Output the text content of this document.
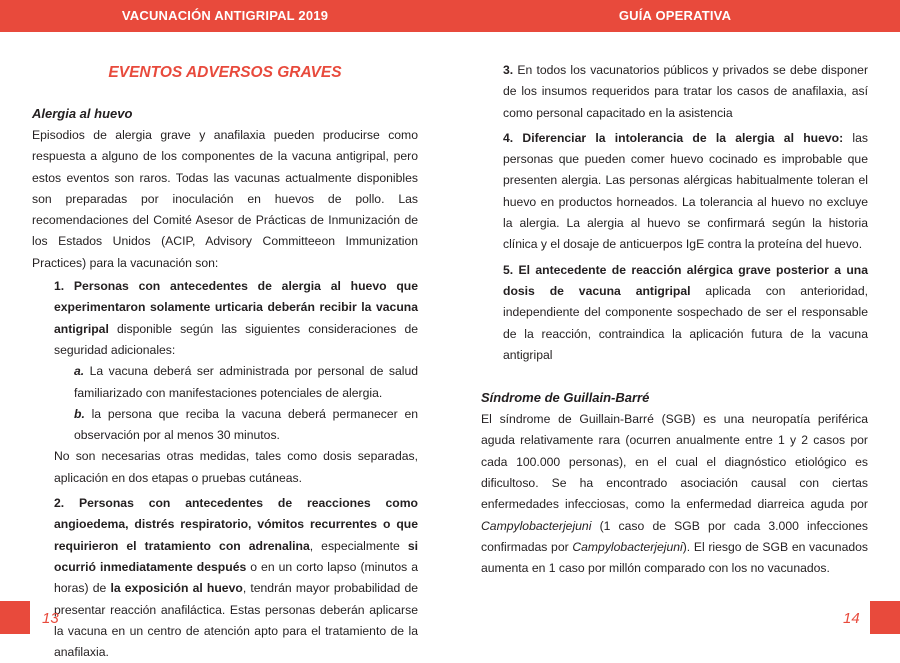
VACUNACIÓN ANTIGRIPAL 2019	GUÍA OPERATIVA
EVENTOS ADVERSOS GRAVES

Alergia al huevo

Episodios de alergia grave y anafilaxia pueden producirse como respuesta a alguno de los componentes de la vacuna antigripal, pero estos eventos son raros. Todas las vacunas actualmente disponibles son preparadas por inoculación en huevos de pollo. Las recomendaciones del Comité Asesor de Prácticas de Inmunización de los Estados Unidos (ACIP, Advisory Committeeon Immunization Practices) para la vacunación son:

1. Personas con antecedentes de alergia al huevo que experimentaron solamente urticaria deberán recibir la vacuna antigripal disponible según las siguientes consideraciones de seguridad adicionales:

a. La vacuna deberá ser administrada por personal de salud familiarizado con manifestaciones potenciales de alergia.

b. la persona que reciba la vacuna deberá permanecer en observación por al menos 30 minutos.

No son necesarias otras medidas, tales como dosis separadas, aplicación en dos etapas o pruebas cutáneas.

2. Personas con antecedentes de reacciones como angioedema, distrés respiratorio, vómitos recurrentes o que requirieron el tratamiento con adrenalina, especialmente si ocurrió inmediatamente después o en un corto lapso (minutos a horas) de la exposición al huevo, tendrán mayor probabilidad de presentar reacción anafiláctica. Estas personas deberán aplicarse la vacuna en un centro de atención apto para el tratamiento de la anafilaxia.

3. En todos los vacunatorios públicos y privados se debe disponer de los insumos requeridos para tratar los casos de anafilaxia, así como personal capacitado en la asistencia

4. Diferenciar la intolerancia de la alergia al huevo: las personas que pueden comer huevo cocinado es improbable que presenten alergia. Las personas alérgicas habitualmente toleran el huevo en productos horneados. La tolerancia al huevo no excluye la alergia. La alergia al huevo se confirmará según la historia clínica y el dosaje de anticuerpos IgE contra la proteína del huevo.

5. El antecedente de reacción alérgica grave posterior a una dosis de vacuna antigripal aplicada con anterioridad, independiente del componente sospechado de ser el responsable de la reacción, contraindica la aplicación futura de la vacuna antigripal

Síndrome de Guillain-Barré

El síndrome de Guillain-Barré (SGB) es una neuropatía periférica aguda relativamente rara (ocurren anualmente entre 1 y 2 casos por cada 100.000 personas), en el cual el diagnóstico etiológico es dificultoso. Se ha encontrado asociación causal con ciertas enfermedades infecciosas, como la enfermedad diarreica aguda por Campylobacterjejuni (1 caso de SGB por cada 3.000 infecciones confirmadas por Campylobacterjejuni). El riesgo de SGB en vacunados aumenta en 1 caso por millón comparado con los no vacunados.

13	14
